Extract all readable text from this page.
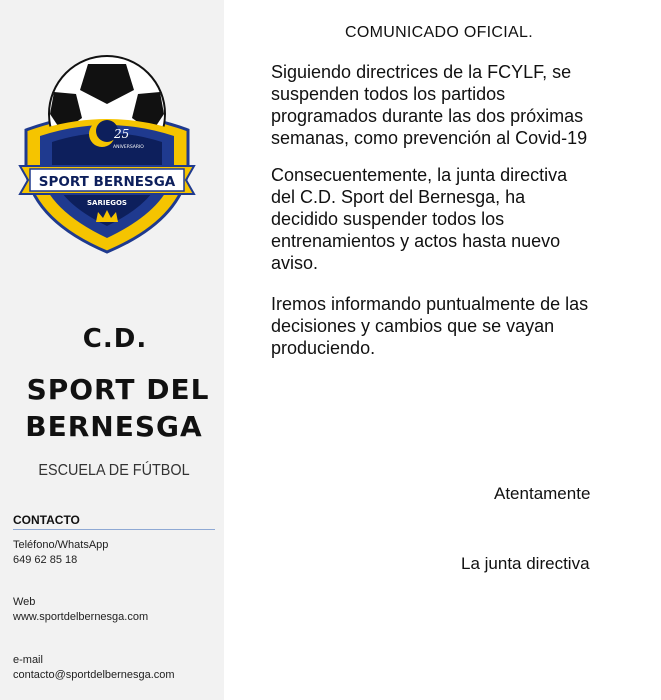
25
ANIVERSARIO
SPORT BERNESGA
SARIEGOS
C.D.
SPORT DEL
BERNESGA
ESCUELA DE FÚTBOL
CONTACTO
Teléfono/WhatsApp
649 62 85 18
Web
www.sportdelbernesga.com
e-mail
contacto@sportdelbernesga.com
COMUNICADO OFICIAL.
Siguiendo directrices de la FCYLF, se
suspenden todos los partidos
programados durante las dos próximas
semanas, como prevención al Covid-19
Consecuentemente, la junta directiva
del C.D. Sport del Bernesga, ha
decidido suspender todos los
entrenamientos y actos hasta nuevo
aviso.
Iremos informando puntualmente de las
decisiones y cambios que se vayan
produciendo.
Atentamente
La junta directiva
